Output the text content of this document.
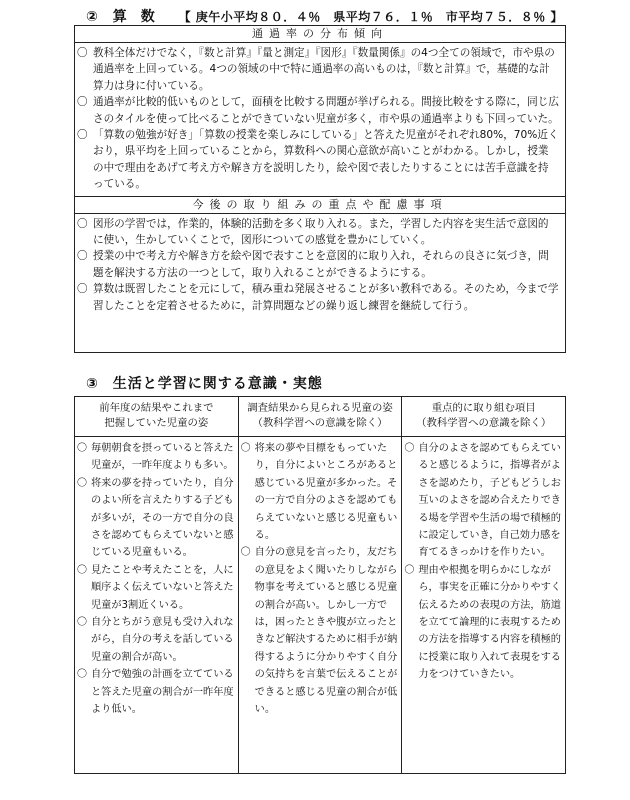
② 算数 【 庚午小平均８０．４％　県平均７６．１％　市平均７５．８％ 】
通過率の分布傾向
〇 教科全体だけでなく，『数と計算』『量と測定』『図形』『数量関係』の4つ全ての領域で，市や県の通過率を上回っている。4つの領域の中で特に通過率の高いものは，『数と計算』で，基礎的な計算力は身に付いている。
〇 通過率が比較的低いものとして，面積を比較する問題が挙げられる。間接比較をする際に，同じ広さのタイルを使って比べることができていない児童が多く，市や県の通過率よりも下回っていた。
〇 「算数の勉強が好き」「算数の授業を楽しみにしている」と答えた児童がそれぞれ80%，70%近くおり，県平均を上回っていることから，算数科への関心意欲が高いことがわかる。しかし，授業の中で理由をあげて考え方や解き方を説明したり，絵や図で表したりすることには苦手意識を持っている。
今後の取り組みの重点や配慮事項
〇 図形の学習では，作業的，体験的活動を多く取り入れる。また，学習した内容を実生活で意図的に使い，生かしていくことで，図形についての感覚を豊かにしていく。
〇 授業の中で考え方や解き方を絵や図で表すことを意図的に取り入れ，それらの良さに気づき，問題を解決する方法の一つとして，取り入れることができるようにする。
〇 算数は既習したことを元にして，積み重ね発展させることが多い教科である。そのため，今まで学習したことを定着させるために，計算問題などの繰り返し練習を継続して行う。
③ 生活と学習に関する意識・実態
前年度の結果やこれまで
把握していた児童の姿
〇 毎朝朝食を摂っていると答えた児童が，一昨年度よりも多い。
〇 将来の夢を持っていたり，自分のよい所を言えたりする子どもが多いが，その一方で自分の良さを認めてもらえていないと感じている児童もいる。
〇 見たことや考えたことを，人に順序よく伝えていないと答えた児童が3割近くいる。
〇 自分とちがう意見も受け入れながら，自分の考えを話している児童の割合が高い。
〇 自分で勉強の計画を立てていると答えた児童の割合が一昨年度より低い。
調査結果から見られる児童の姿
（教科学習への意識を除く）
〇 将来の夢や目標をもっていたり，自分によいところがあると感じている児童が多かった。その一方で自分のよさを認めてもらえていないと感じる児童もいる。
〇 自分の意見を言ったり，友だちの意見をよく聞いたりしながら物事を考えていると感じる児童の割合が高い。しかし一方では，困ったときや腹が立ったときなど解決するために相手が納得するように分かりやすく自分の気持ちを言葉で伝えることができると感じる児童の割合が低い。
重点的に取り組む項目
（教科学習への意識を除く）
〇 自分のよさを認めてもらえていると感じるように，指導者がよさを認めたり，子どもどうしお互いのよさを認め合えたりできる場を学習や生活の場で積極的に設定していき，自己効力感を育てるきっかけを作りたい。
〇 理由や根拠を明らかにしながら，事実を正確に分かりやすく伝えるための表現の方法，筋道を立てて論理的に表現するための方法を指導する内容を積極的に授業に取り入れて表現をする力をつけていきたい。
